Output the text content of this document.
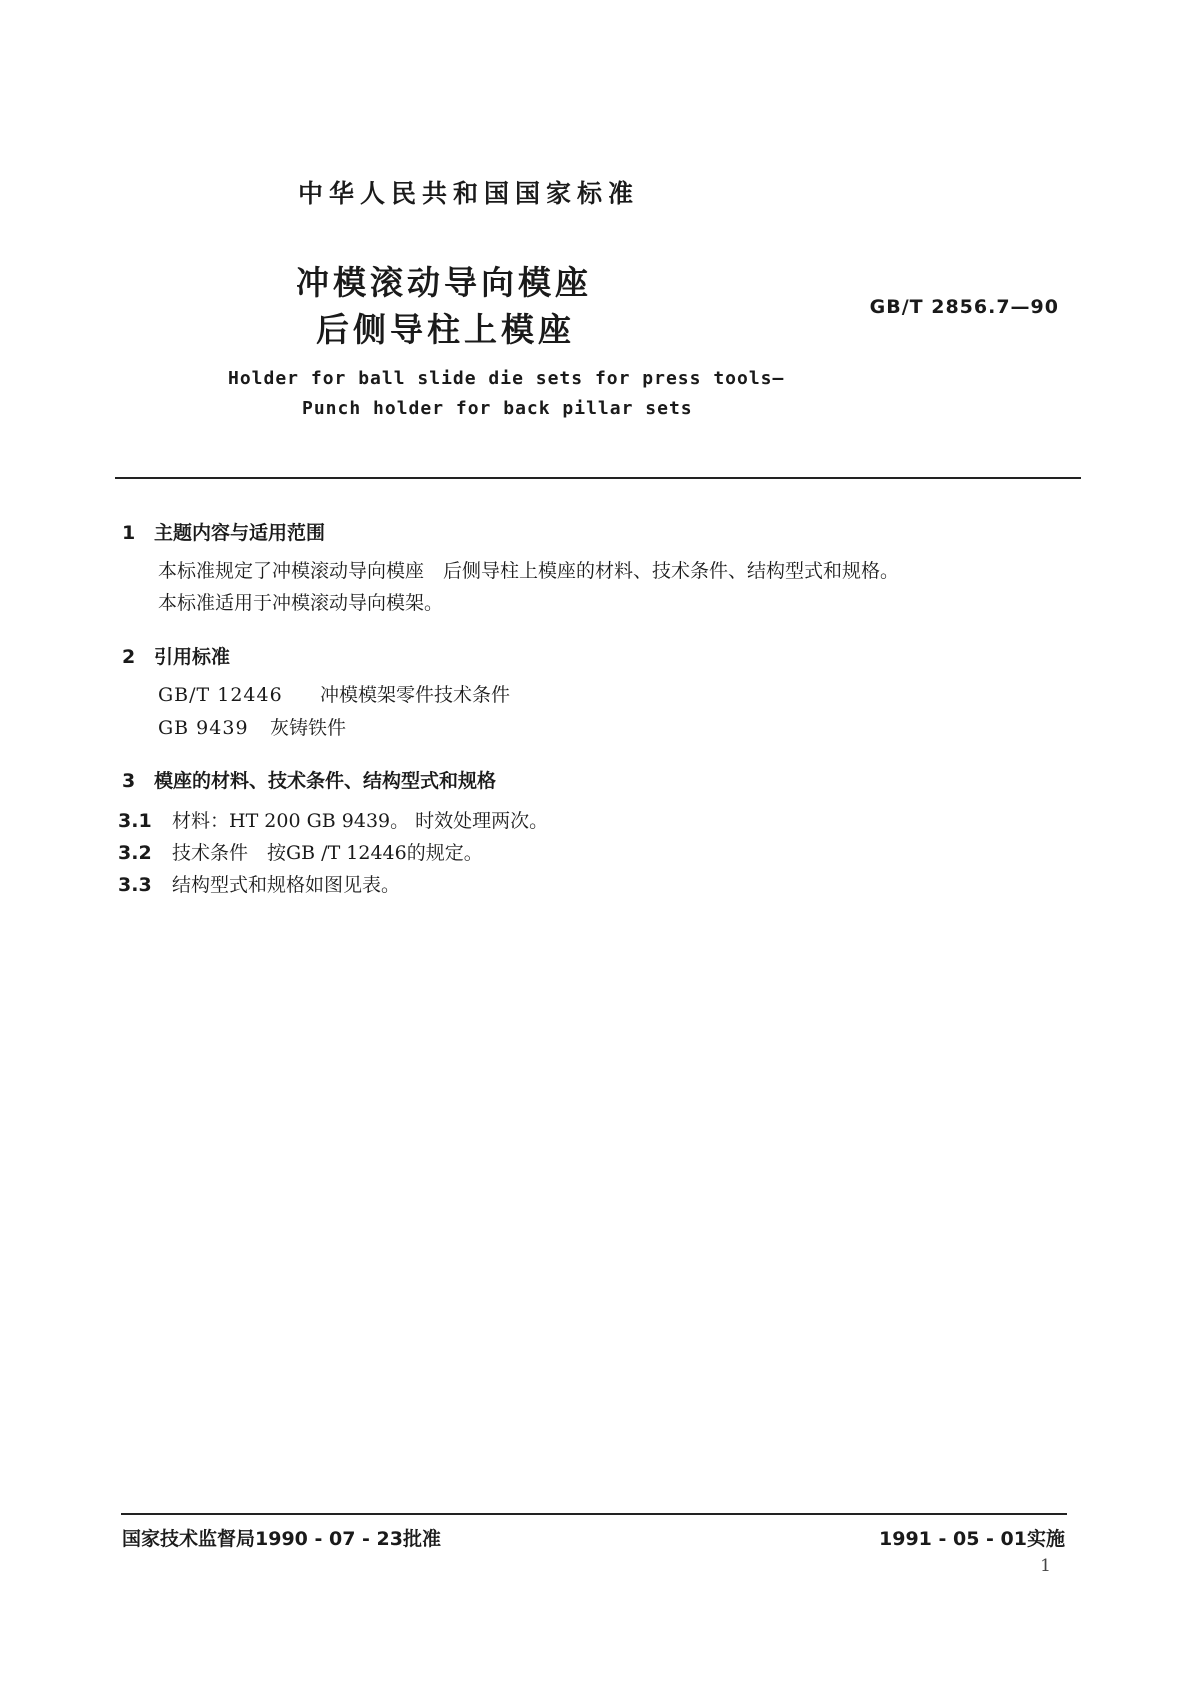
中华人民共和国国家标准
冲模滚动导向模座
后侧导柱上模座
GB/T 2856.7—90
Holder for ball slide die sets for press tools—
Punch holder for back pillar sets
1 主题内容与适用范围
本标准规定了冲模滚动导向模座　后侧导柱上模座的材料、技术条件、结构型式和规格。
本标准适用于冲模滚动导向模架。
2 引用标准
GB/T 12446 冲模模架零件技术条件
GB 9439 灰铸铁件
3 模座的材料、技术条件、结构型式和规格
3.1 材料：HT 200 GB 9439。 时效处理两次。
3.2 技术条件　按GB /T 12446的规定。
3.3 结构型式和规格如图见表。
国家技术监督局1990 - 07 - 23批准	1991 - 05 - 01实施
1
